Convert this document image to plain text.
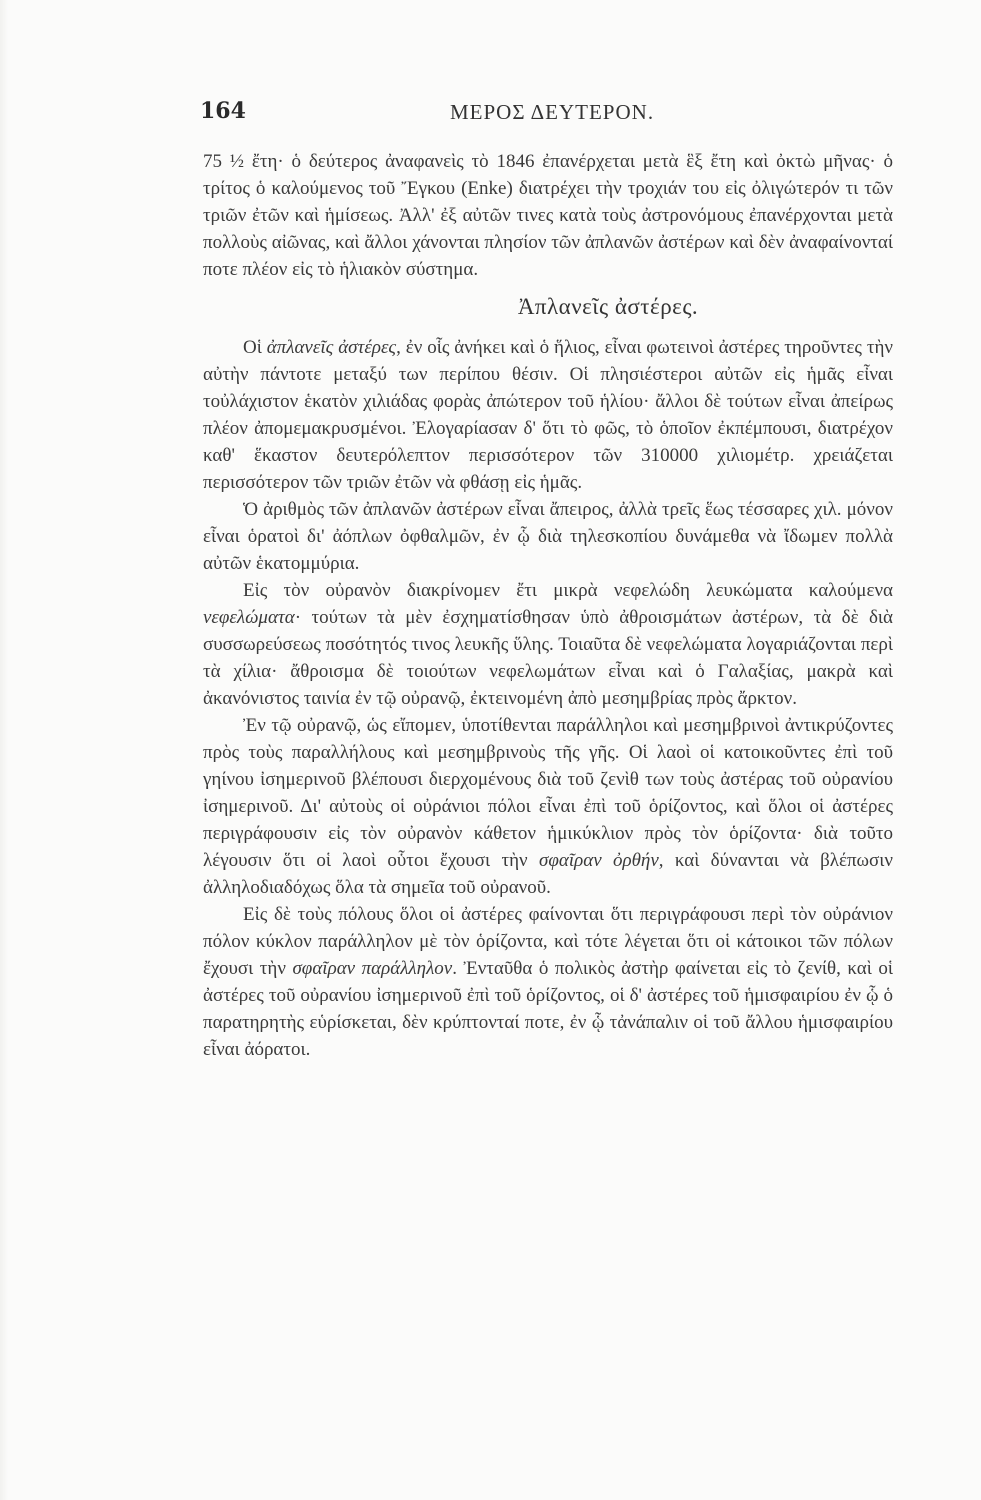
164	ΜΕΡΟΣ ΔΕΥΤΕΡΟΝ.

75 ½ ἔτη· ὁ δεύτερος ἀναφανεὶς τὸ 1846 ἐπανέρχεται μετὰ ἓξ ἔτη καὶ ὀκτὼ μῆνας· ὁ τρίτος ὁ καλούμενος τοῦ Ἔγκου (Enke) διατρέχει τὴν τροχιάν του εἰς ὀλιγώτερόν τι τῶν τριῶν ἐτῶν καὶ ἡμίσεως. Ἀλλ' ἐξ αὐτῶν τινες κατὰ τοὺς ἀστρονόμους ἐπανέρχονται μετὰ πολλοὺς αἰῶνας, καὶ ἄλλοι χάνονται πλησίον τῶν ἀπλανῶν ἀστέρων καὶ δὲν ἀναφαίνονταί ποτε πλέον εἰς τὸ ἡλιακὸν σύστημα.

Ἀπλανεῖς ἀστέρες.

Οἱ ἀπλανεῖς ἀστέρες, ἐν οἷς ἀνήκει καὶ ὁ ἥλιος, εἶναι φωτεινοὶ ἀστέρες τηροῦντες τὴν αὐτὴν πάντοτε μεταξύ των περίπου θέσιν. Οἱ πλησιέστεροι αὐτῶν εἰς ἡμᾶς εἶναι τοὐλάχιστον ἑκατὸν χιλιάδας φορὰς ἀπώτερον τοῦ ἡλίου· ἄλλοι δὲ τούτων εἶναι ἀπείρως πλέον ἀπομεμακρυσμένοι. Ἐλογαρίασαν δ' ὅτι τὸ φῶς, τὸ ὁποῖον ἐκπέμπουσι, διατρέχον καθ' ἕκαστον δευτερόλεπτον περισσότερον τῶν 310000 χιλιομέτρ. χρειάζεται περισσότερον τῶν τριῶν ἐτῶν νὰ φθάσῃ εἰς ἡμᾶς.

Ὁ ἀριθμὸς τῶν ἀπλανῶν ἀστέρων εἶναι ἄπειρος, ἀλλὰ τρεῖς ἕως τέσσαρες χιλ. μόνον εἶναι ὁρατοὶ δι' ἀόπλων ὀφθαλμῶν, ἐν ᾧ διὰ τηλεσκοπίου δυνάμεθα νὰ ἴδωμεν πολλὰ αὐτῶν ἑκατομμύρια.

Εἰς τὸν οὐρανὸν διακρίνομεν ἔτι μικρὰ νεφελώδη λευκώματα καλούμενα νεφελώματα· τούτων τὰ μὲν ἐσχηματίσθησαν ὑπὸ ἀθροισμάτων ἀστέρων, τὰ δὲ διὰ συσσωρεύσεως ποσότητός τινος λευκῆς ὕλης. Τοιαῦτα δὲ νεφελώματα λογαριάζονται περὶ τὰ χίλια· ἄθροισμα δὲ τοιούτων νεφελωμάτων εἶναι καὶ ὁ Γαλαξίας, μακρὰ καὶ ἀκανόνιστος ταινία ἐν τῷ οὐρανῷ, ἐκτεινομένη ἀπὸ μεσημβρίας πρὸς ἄρκτον.

Ἐν τῷ οὐρανῷ, ὡς εἴπομεν, ὑποτίθενται παράλληλοι καὶ μεσημβρινοὶ ἀντικρύζοντες πρὸς τοὺς παραλλήλους καὶ μεσημβρινοὺς τῆς γῆς. Οἱ λαοὶ οἱ κατοικοῦντες ἐπὶ τοῦ γηίνου ἰσημερινοῦ βλέπουσι διερχομένους διὰ τοῦ ζενὶθ των τοὺς ἀστέρας τοῦ οὐρανίου ἰσημερινοῦ. Δι' αὐτοὺς οἱ οὐράνιοι πόλοι εἶναι ἐπὶ τοῦ ὁρίζοντος, καὶ ὅλοι οἱ ἀστέρες περιγράφουσιν εἰς τὸν οὐρανὸν κάθετον ἡμικύκλιον πρὸς τὸν ὁρίζοντα· διὰ τοῦτο λέγουσιν ὅτι οἱ λαοὶ οὗτοι ἔχουσι τὴν σφαῖραν ὀρθήν, καὶ δύνανται νὰ βλέπωσιν ἀλληλοδιαδόχως ὅλα τὰ σημεῖα τοῦ οὐρανοῦ.

Εἰς δὲ τοὺς πόλους ὅλοι οἱ ἀστέρες φαίνονται ὅτι περιγράφουσι περὶ τὸν οὐράνιον πόλον κύκλον παράλληλον μὲ τὸν ὁρίζοντα, καὶ τότε λέγεται ὅτι οἱ κάτοικοι τῶν πόλων ἔχουσι τὴν σφαῖραν παράλληλον. Ἐνταῦθα ὁ πολικὸς ἀστὴρ φαίνεται εἰς τὸ ζενίθ, καὶ οἱ ἀστέρες τοῦ οὐρανίου ἰσημερινοῦ ἐπὶ τοῦ ὁρίζοντος, οἱ δ' ἀστέρες τοῦ ἡμισφαιρίου ἐν ᾧ ὁ παρατηρητὴς εὑρίσκεται, δὲν κρύπτονταί ποτε, ἐν ᾧ τἀνάπαλιν οἱ τοῦ ἄλλου ἡμισφαιρίου εἶναι ἀόρατοι.
